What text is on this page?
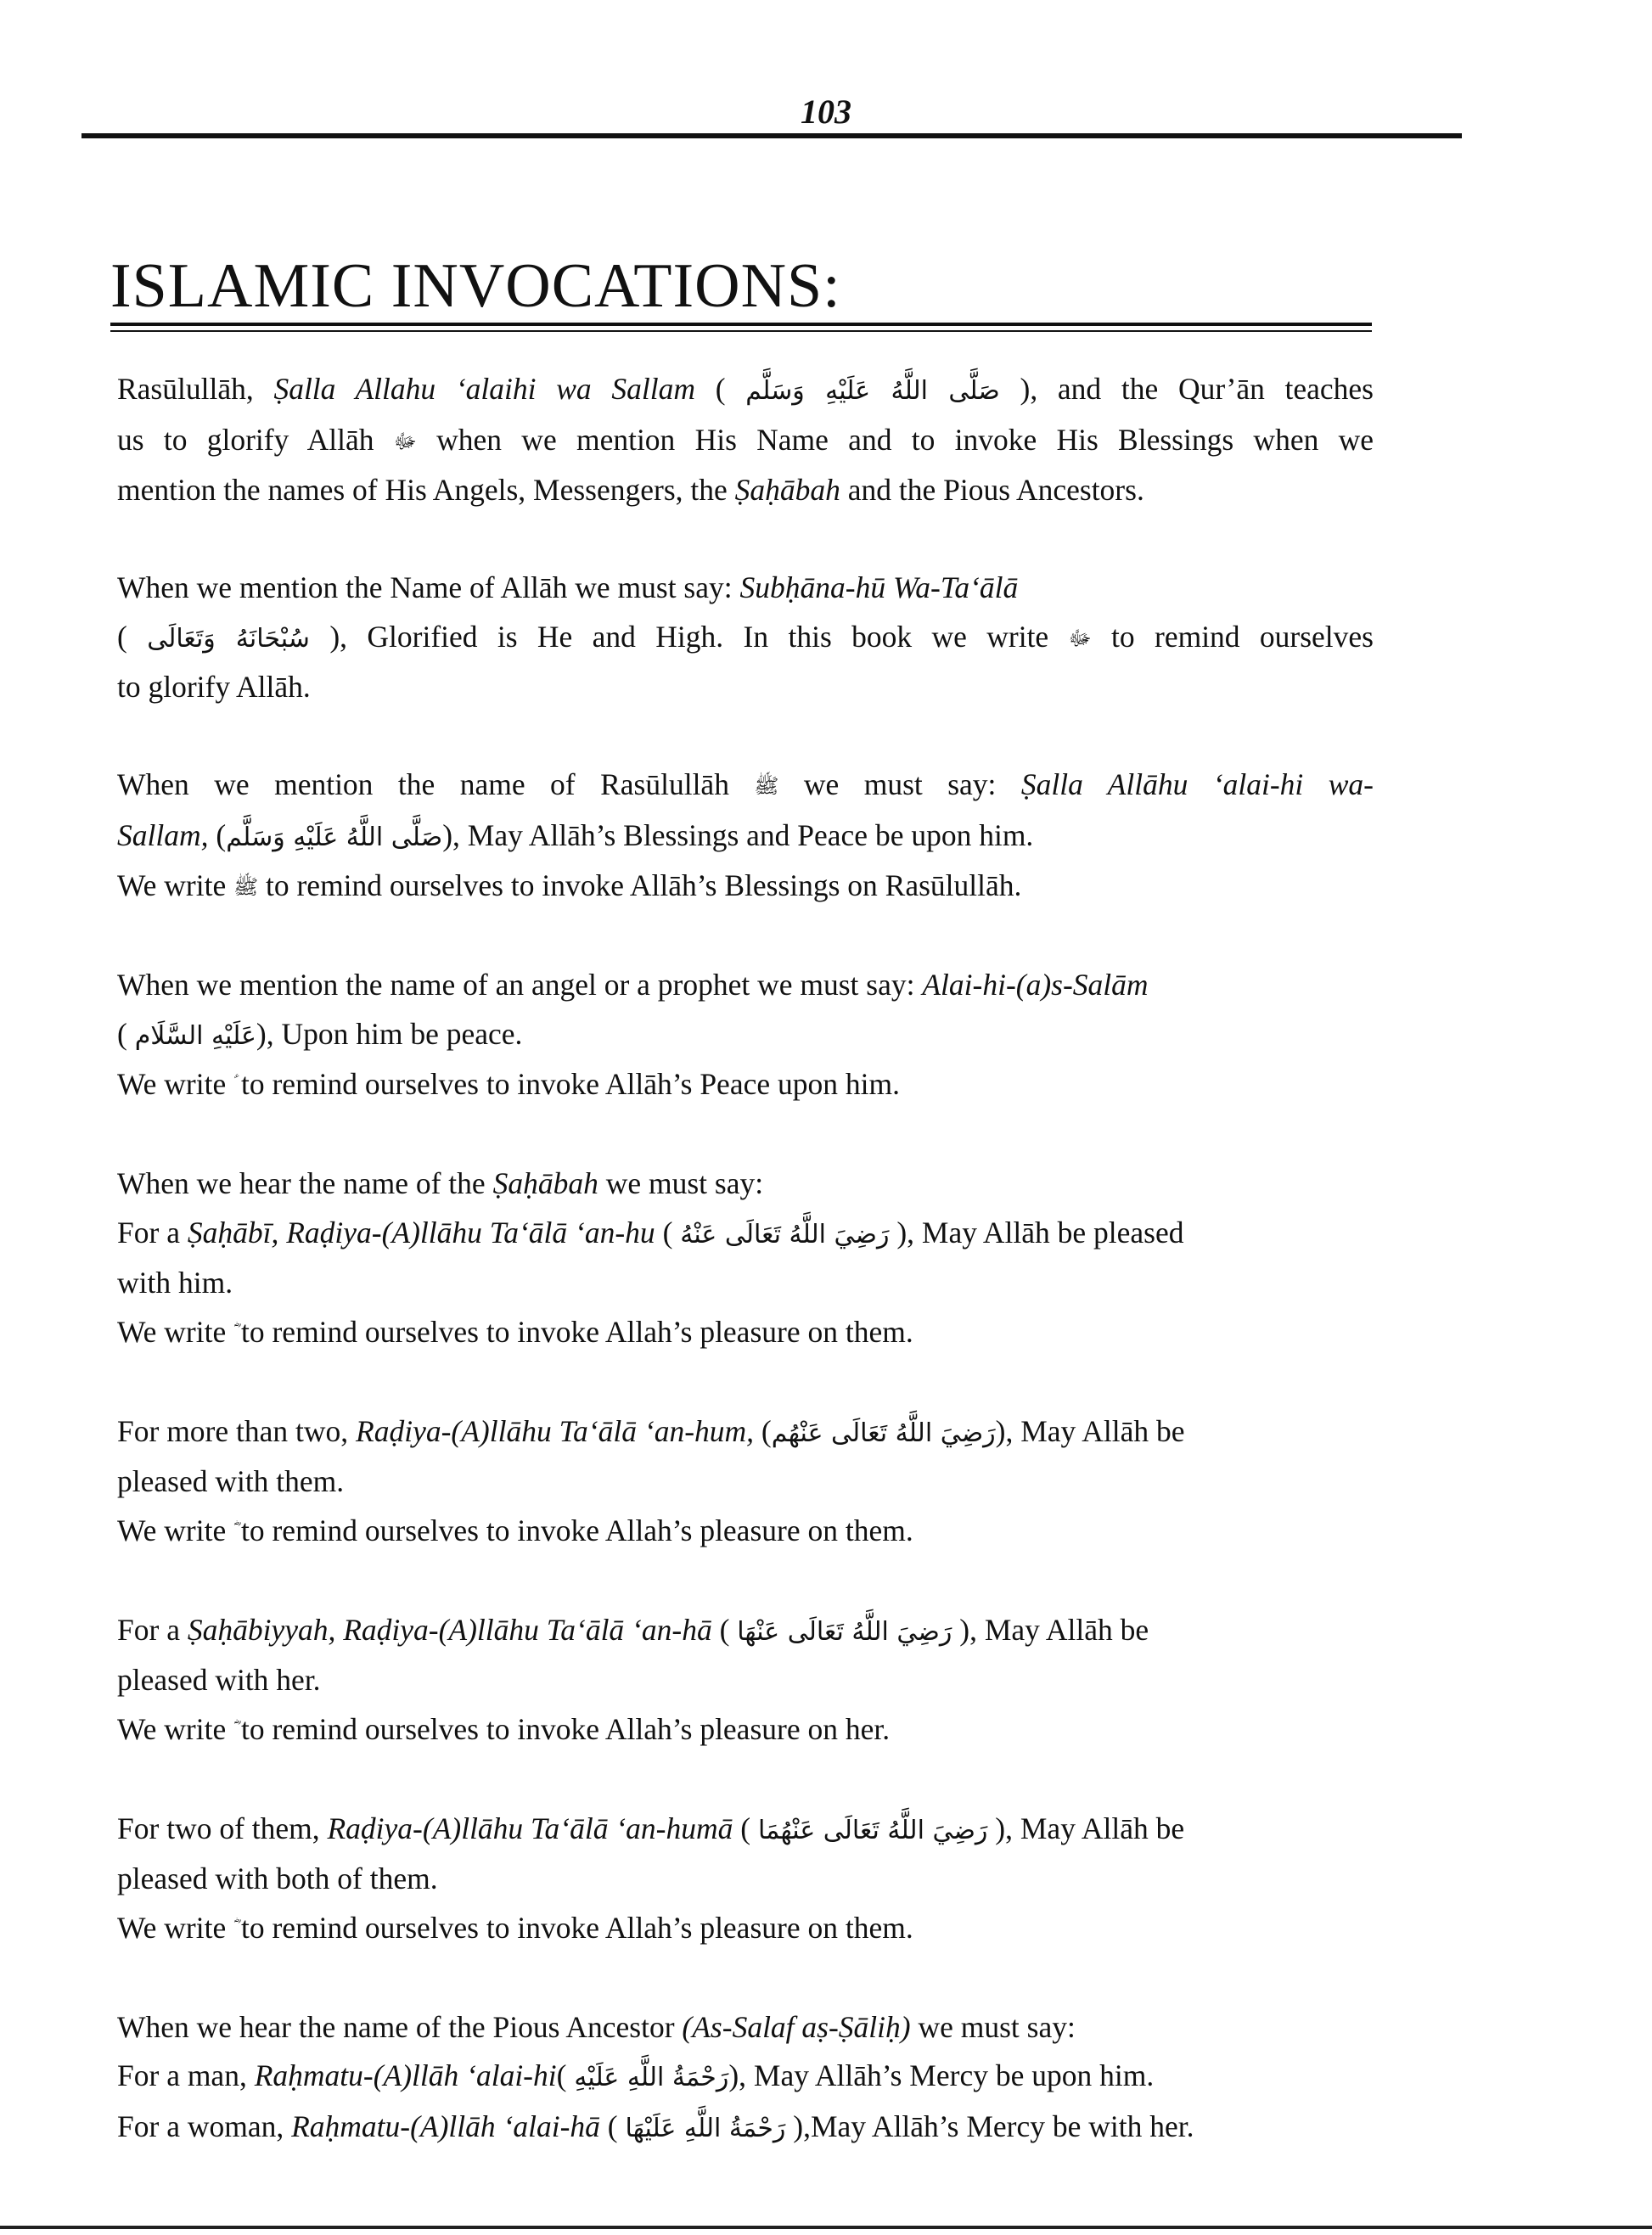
103
ISLAMIC INVOCATIONS:
Rasūlullāh, Ṣalla Allahu ‘alaihi wa Sallam ( صَلَّى اللَّهُ عَلَيْهِ وَسَلَّم ), and the Qur’ān teaches
us to glorify Allāh ﷻ when we mention His Name and to invoke His Blessings when we
mention the names of His Angels, Messengers, the Ṣaḥābah and the Pious Ancestors.
When we mention the Name of Allāh we must say: Subḥāna-hū Wa-Ta‘ālā
( سُبْحَانَهُ وَتَعَالَى ), Glorified is He and High. In this book we write ﷻ to remind ourselves
to glorify Allāh.
When we mention the name of Rasūlullāh ﷺ we must say: Ṣalla Allāhu ‘alai-hi wa-
Sallam, (صَلَّى اللَّهُ عَلَيْهِ وَسَلَّم), May Allāh’s Blessings and Peace be upon him.
We write ﷺ to remind ourselves to invoke Allāh’s Blessings on Rasūlullāh.
When we mention the name of an angel or a prophet we must say: Alai-hi-(a)s-Salām
( عَلَيْهِ السَّلَام), Upon him be peace.
We write to remind ourselves to invoke Allāh’s Peace upon him.
When we hear the name of the Ṣaḥābah we must say:
For a Ṣaḥābī, Raḍiya-(A)llāhu Ta‘ālā ‘an-hu ( رَضِيَ اللَّهُ تَعَالَى عَنْهُ ), May Allāh be pleased
with him.
We write to remind ourselves to invoke Allah’s pleasure on them.
For more than two, Raḍiya-(A)llāhu Ta‘ālā ‘an-hum, (رَضِيَ اللَّهُ تَعَالَى عَنْهُم), May Allāh be
pleased with them.
We write to remind ourselves to invoke Allah’s pleasure on them.
For a Ṣaḥābiyyah, Raḍiya-(A)llāhu Ta‘ālā ‘an-hā ( رَضِيَ اللَّهُ تَعَالَى عَنْهَا ), May Allāh be
pleased with her.
We write to remind ourselves to invoke Allah’s pleasure on her.
For two of them, Raḍiya-(A)llāhu Ta‘ālā ‘an-humā ( رَضِيَ اللَّهُ تَعَالَى عَنْهُمَا ), May Allāh be
pleased with both of them.
We write to remind ourselves to invoke Allah’s pleasure on them.
When we hear the name of the Pious Ancestor (As-Salaf aṣ-Ṣāliḥ) we must say:
For a man, Raḥmatu-(A)llāh ‘alai-hi( رَحْمَةُ اللَّهِ عَلَيْهِ), May Allāh’s Mercy be upon him.
For a woman, Raḥmatu-(A)llāh ‘alai-hā ( رَحْمَةُ اللَّهِ عَلَيْهَا ),May Allāh’s Mercy be with her.
